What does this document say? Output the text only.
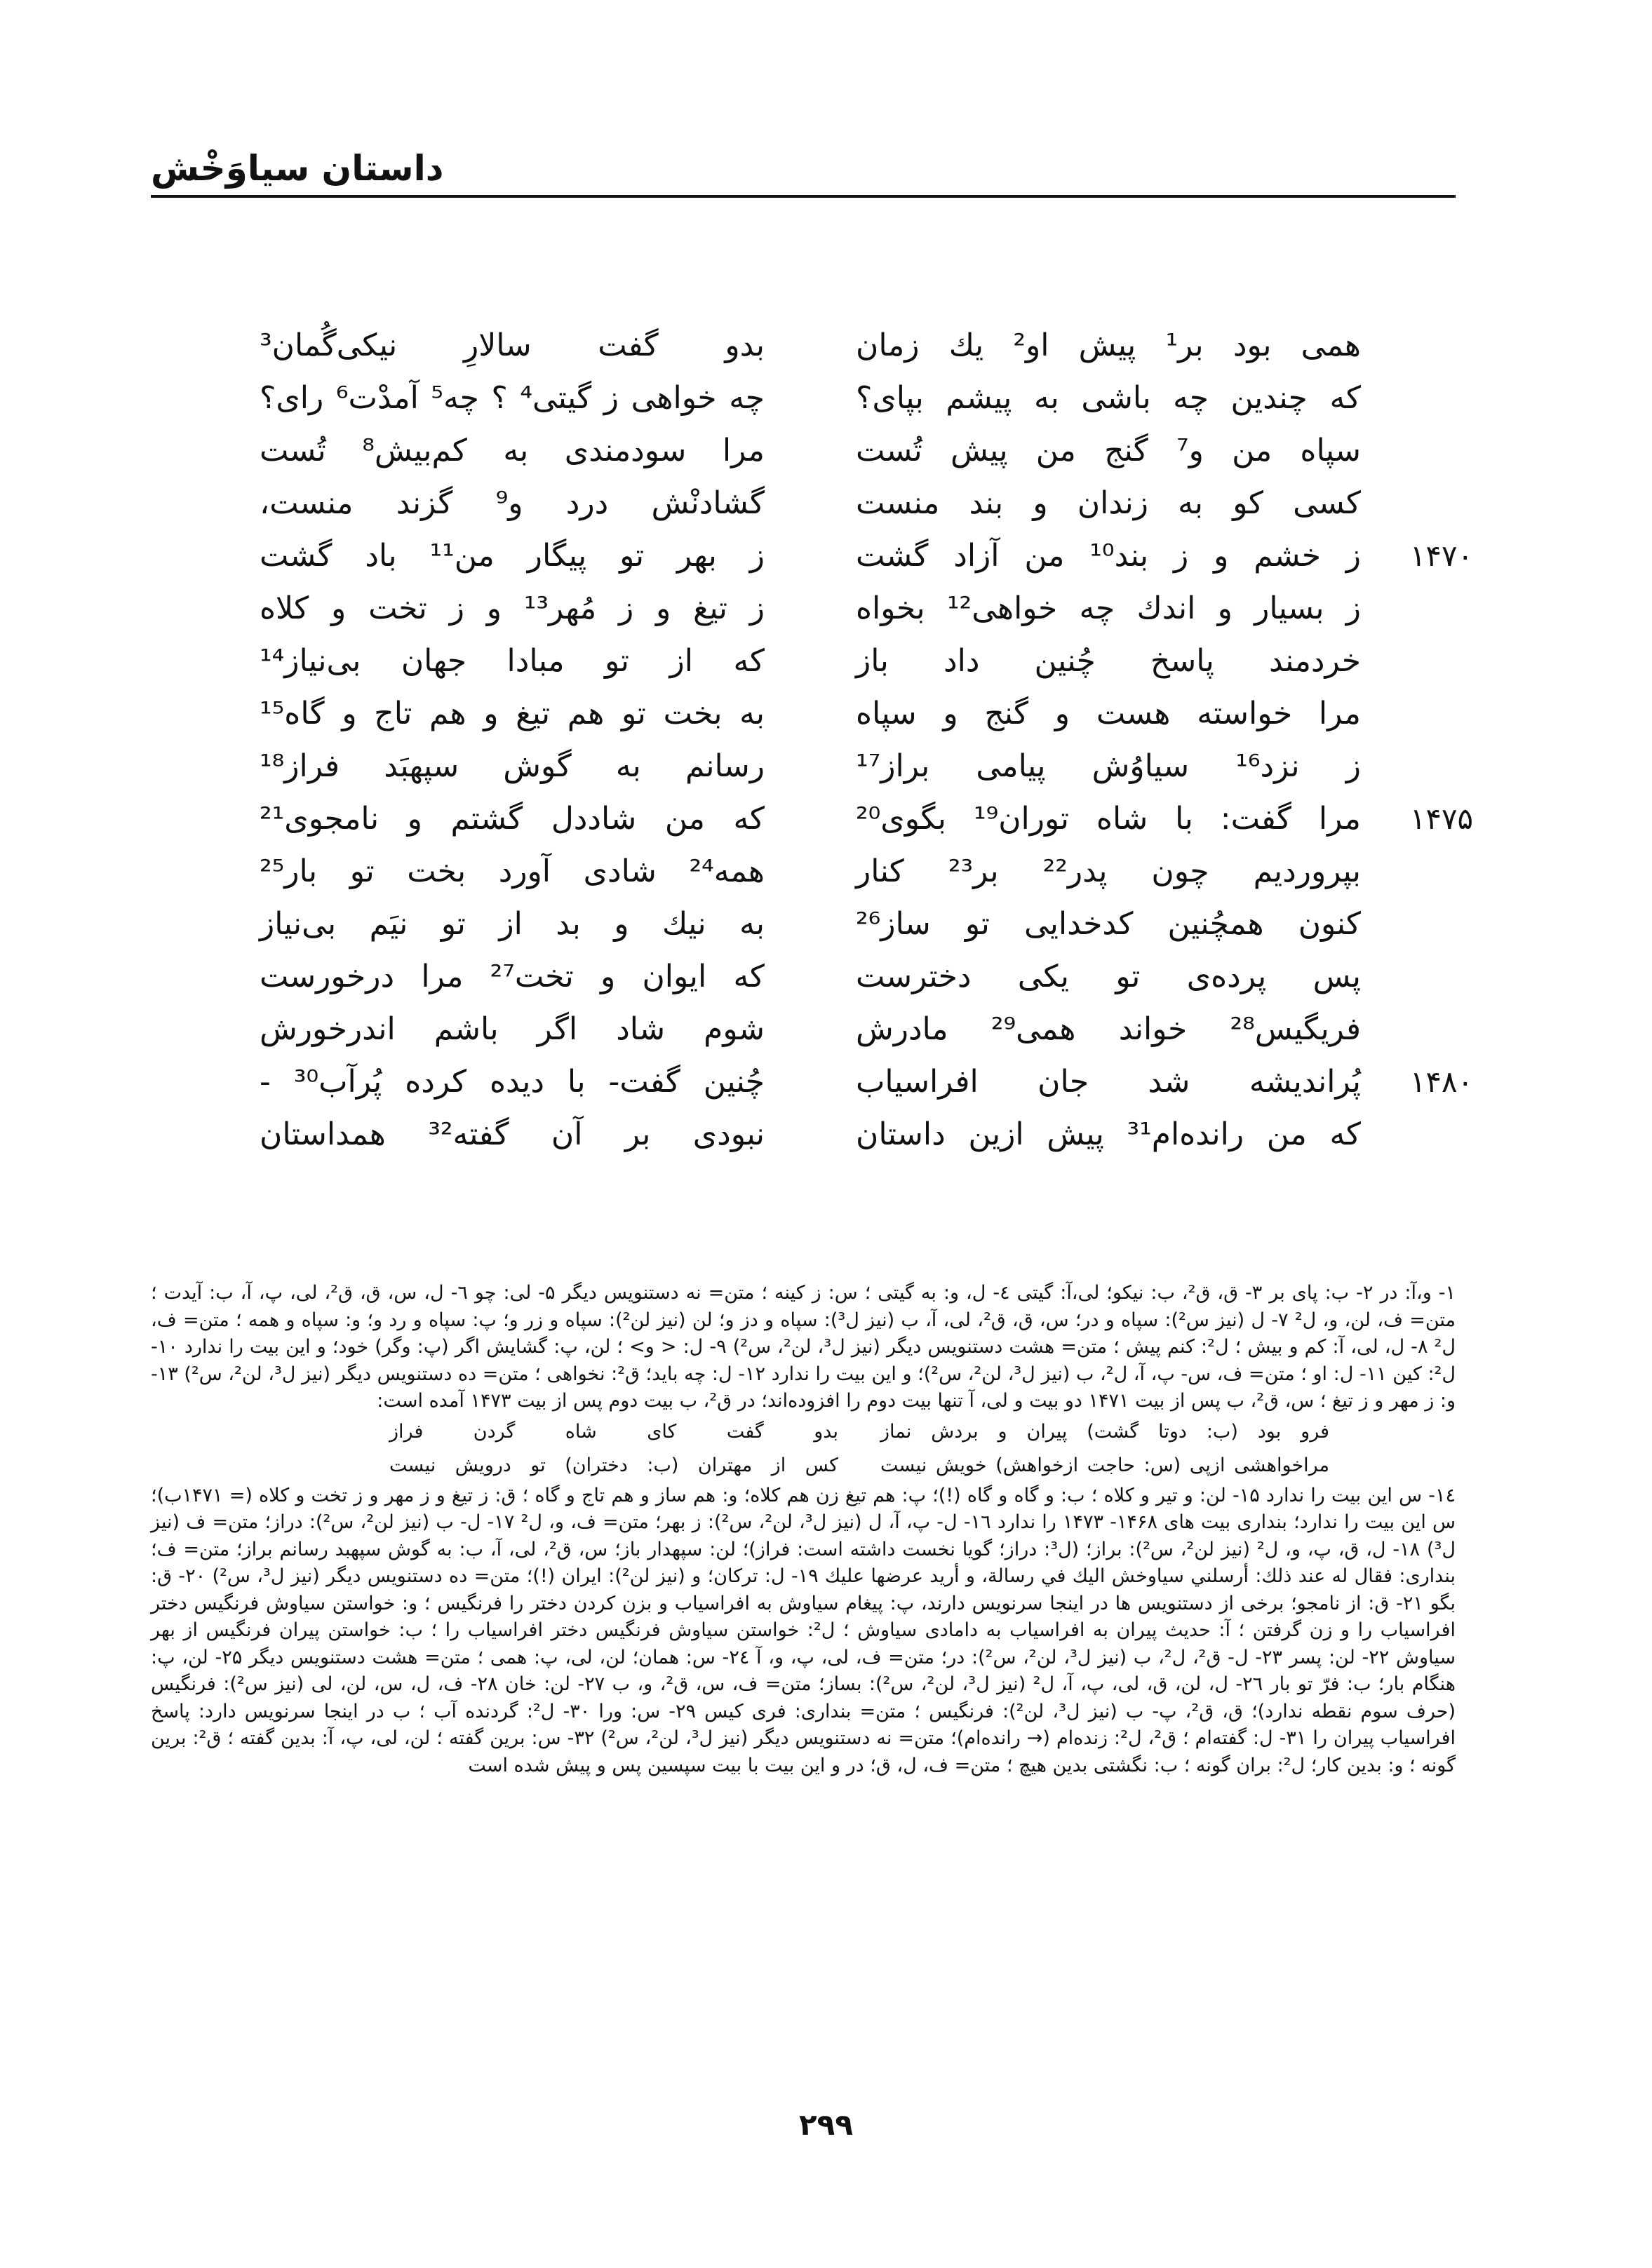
داستان سیاوَخْش
همی بود بر¹ پیش او² یك زمان
بدو گفت سالارِ نیکی‌گُمان³
که چندین چه باشی به پیشم بپای؟
چه خواهی ز گیتی⁴ ؟ چه⁵ آمدْت⁶ رای؟
سپاه من و⁷ گنج من پیش تُست
مرا سودمندی به کم‌بیش⁸ تُست
کسی کو به زندان و بند منست
گشادنْش درد و⁹ گزند منست،
۱۴۷۰
ز خشم و ز بند¹⁰ من آزاد گشت
ز بهر تو پیگار من¹¹ باد گشت
ز بسیار و اندك چه خواهی¹² بخواه
ز تیغ و ز مُهر¹³ و ز تخت و کلاه
خردمند پاسخ چُنین داد باز
که از تو مبادا جهان بی‌نیاز¹⁴
مرا خواسته هست و گنج و سپاه
به بخت تو هم تیغ و هم تاج و گاه¹⁵
ز نزد¹⁶ سیاوُش پیامی براز¹⁷
رسانم به گوش سپهبَد فراز¹⁸
۱۴۷۵
مرا گفت: با شاه توران¹⁹ بگوی²⁰
که من شاددل گشتم و نامجوی²¹
بپروردیم چون پدر²² بر²³ کنار
همه²⁴ شادی آورد بخت تو بار²⁵
کنون همچُنین کدخدایی تو ساز²⁶
به نیك و بد از تو نیَم بی‌نیاز
پس پرده‌ی تو یکی دخترست
که ایوان و تخت²⁷ مرا درخورست
فریگیس²⁸ خواند همی²⁹ مادرش
شوم شاد اگر باشم اندرخورش
۱۴۸۰
پُراندیشه شد جان افراسیاب
چُنین گفت- با دیده کرده پُرآب³⁰ -
که من رانده‌ام³¹ پیش ازین داستان
نبودی بر آن گفته³² همداستان

۱- و،آ: در ۲- ب: پای بر ۳- ق، ق²، ب: نیکو؛ لی،آ: گیتی ٤- ل، و: به گیتی ؛ س: ز کینه ؛ متن= نه دستنویس دیگر ۵- لی: چو ٦- ل، س، ق، ق²، لی، پ، آ، ب: آیدت ؛ متن= ف، لن، و، ل² ۷- ل (نیز س²): سپاه و در؛ س، ق، ق²، لی، آ، ب (نیز ل³): سپاه و دز و؛ لن (نیز لن²): سپاه و زر و؛ پ: سپاه و رد و؛ و: سپاه و همه ؛ متن= ف، ل² ۸- ل، لی، آ: کم و بیش ؛ ل²: کنم پیش ؛ متن= هشت دستنویس دیگر (نیز ل³، لن²، س²) ۹- ل: < و> ؛ لن، پ: گشایش اگر (پ: وگر) خود؛ و این بیت را ندارد ۱۰- ل²: کین ۱۱- ل: او ؛ متن= ف، س- پ، آ، ل²، ب (نیز ل³، لن²، س²)؛ و این بیت را ندارد ۱۲- ل: چه باید؛ ق²: نخواهی ؛ متن= ده دستنویس دیگر (نیز ل³، لن²، س²) ۱۳- و: ز مهر و ز تیغ ؛ س، ق²، ب پس از بیت ۱۴۷۱ دو بیت و لی، آ تنها بیت دوم را افزوده‌اند؛ در ق²، ب بیت دوم پس از بیت ۱۴۷۳ آمده است:

فرو بود (ب: دوتا گشت) پیران و بردش نماز
بدو گفت کای شاه گردن فراز
مراخواهشی ازپی (س: حاجت ازخواهش) خویش نیست
کس از مهتران (ب: دختران) تو درویش نیست

۱٤- س این بیت را ندارد ۱۵- لن: و تیر و کلاه ؛ ب: و گاه و گاه (!)؛ پ: هم تیغ زن هم کلاه؛ و: هم ساز و هم تاج و گاه ؛ ق: ز تیغ و ز مهر و ز تخت و کلاه (= ۱۴۷۱ب)؛ س این بیت را ندارد؛ بنداری بیت های ۱۴۶۸- ۱۴۷۳ را ندارد ۱٦- ل- پ، آ، ل (نیز ل³، لن²، س²): ز بهر؛ متن= ف، و، ل² ۱۷- ل- ب (نیز لن²، س²): دراز؛ متن= ف (نیز ل³) ۱۸- ل، ق، پ، و، ل² (نیز لن²، س²): براز؛ (ل³: دراز؛ گویا نخست داشته است: فراز)؛ لن: سپهدار باز؛ س، ق²، لی، آ، ب: به گوش سپهبد رسانم براز؛ متن= ف؛ بنداری: فقال له عند ذلك: أرسلني سیاوخش الیك في رسالة، و أرید عرضها علیك ۱۹- ل: ترکان؛ و (نیز لن²): ایران (!)؛ متن= ده دستنویس دیگر (نیز ل³، س²) ۲۰- ق: بگو ۲۱- ق: از نامجو؛ برخی از دستنویس ها در اینجا سرنویس دارند، پ: پیغام سیاوش به افراسیاب و بزن کردن دختر را فرنگیس ؛ و: خواستن سیاوش فرنگیس دختر افراسیاب را و زن گرفتن ؛ آ: حدیث پیران به افراسیاب به دامادی سیاوش ؛ ل²: خواستن سیاوش فرنگیس دختر افراسیاب را ؛ ب: خواستن پیران فرنگیس از بهر سیاوش ۲۲- لن: پسر ۲۳- ل- ق²، ل²، ب (نیز ل³، لن²، س²): در؛ متن= ف، لی، پ، و، آ ۲٤- س: همان؛ لن، لی، پ: همی ؛ متن= هشت دستنویس دیگر ۲۵- لن، پ: هنگام بار؛ ب: فرّ تو بار ۲٦- ل، لن، ق، لی، پ، آ، ل² (نیز ل³، لن²، س²): بساز؛ متن= ف، س، ق²، و، ب ۲۷- لن: خان ۲۸- ف، ل، س، لن، لی (نیز س²): فرنگیس (حرف سوم نقطه ندارد)؛ ق، ق²، پ- ب (نیز ل³، لن²): فرنگیس ؛ متن= بنداری: فری کیس ۲۹- س: ورا ۳۰- ل²: گردنده آب ؛ ب در اینجا سرنویس دارد: پاسخ افراسیاب پیران را ۳۱- ل: گفته‌ام ؛ ق²، ل²: زنده‌ام (→ رانده‌ام)؛ متن= نه دستنویس دیگر (نیز ل³، لن²، س²) ۳۲- س: برین گفته ؛ لن، لی، پ، آ: بدین گفته ؛ ق²: برین گونه ؛ و: بدین کار؛ ل²: بران گونه ؛ ب: نگشتی بدین هیچ ؛ متن= ف، ل، ق؛ در و این بیت با بیت سپسین پس و پیش شده است

۲۹۹
